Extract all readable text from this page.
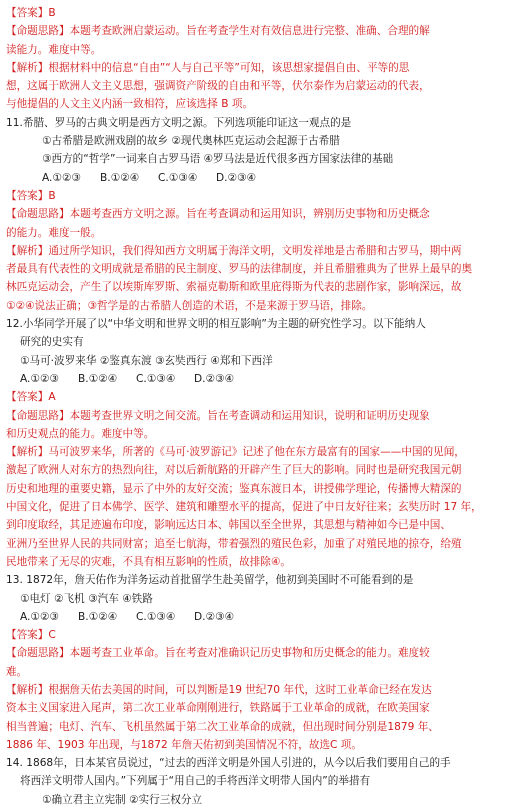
【答案】B
【命题思路】本题考查欧洲启蒙运动。旨在考查学生对有效信息进行完整、准确、合理的解
读能力。难度中等。
【解析】根据材料中的信息“自由”“人与自己平等”可知，该思想家提倡自由、平等的思
想，这属于欧洲人文主义思想，强调资产阶级的自由和平等，伏尔泰作为启蒙运动的代表，
与他提倡的人文主义内涵一致相符，应该选择 B 项。
11.希腊、罗马的古典文明是西方文明之源。下列选项能印证这一观点的是
①古希腊是欧洲戏剧的故乡 ②现代奥林匹克运动会起源于古希腊
③西方的“哲学”一词来自古罗马语 ④罗马法是近代很多西方国家法律的基础
A.①②③	B.①②④	C.①③④	D.②③④
【答案】B
【命题思路】本题考查西方文明之源。旨在考查调动和运用知识，辨别历史事物和历史概念
的能力。难度一般。
【解析】通过所学知识，我们得知西方文明属于海洋文明，文明发祥地是古希腊和古罗马，期中两
者最具有代表性的文明成就是希腊的民主制度、罗马的法律制度，并且希腊雅典为了世界上最早的奥
林匹克运动会，产生了以埃斯库罗斯、索福克勒斯和欧里庇得斯为代表的悲剧作家，影响深远，故
①②④说法正确；③哲学是的古希腊人创造的术语，不是来源于罗马语，排除。
12.小华同学开展了以“中华文明和世界文明的相互影响”为主题的研究性学习。以下能纳人
研究的史实有
①马可·波罗来华 ②鉴真东渡 ③玄奘西行 ④郑和下西洋
A.①②③	B.①②④	C.①③④	D.②③④
【答案】A
【命题思路】本题考查世界文明之间交流。旨在考查调动和运用知识，说明和证明历史现象
和历史观点的能力。难度中等。
【解析】马可波罗来华，所著的《马可·波罗游记》记述了他在东方最富有的国家——中国的见闻，
激起了欧洲人对东方的热烈向往，对以后新航路的开辟产生了巨大的影响。同时也是研究我国元朝
历史和地理的重要史籍，显示了中外的友好交流；鉴真东渡日本，讲授佛学理论，传播博大精深的
中国文化，促进了日本佛学、医学、建筑和雕塑水平的提高，促进了中日友好往来；玄奘历时 17 年，
到印度取经，其足迹遍布印度，影响远达日本、韩国以至全世界，其思想与精神如今已是中国、
亚洲乃至世界人民的共同财富；追至七航海，带着强烈的殖民色彩，加重了对殖民地的掠夺，给殖
民地带来了无尽的灾难，不具有相互影响的性质，故排除④。
13. 1872年，詹天佑作为洋务运动首批留学生赴美留学，他初到美国时不可能看到的是
①电灯 ②飞机 ③汽车 ④铁路
A.①②③	B.①②④	C.①③④	D.②③④
【答案】C
【命题思路】本题考查工业革命。旨在考查对准确识记历史事物和历史概念的能力。难度较
难。
【解析】根据詹天佑去美国的时间，可以判断是19 世纪70 年代，这时工业革命已经在发达
资本主义国家进入尾声，第二次工业革命刚刚进行，铁路属于工业革命的成就，在欧美国家
相当普遍；电灯、汽车、飞机虽然属于第二次工业革命的成就，但出现时间分别是1879 年、
1886 年、1903 年出现，与1872 年詹天佑初到美国情况不符，故选C 项。
14. 1868年，日本某官员说过，“过去的西洋文明是外国人引进的，从今以后我们要用自己的手
将西洋文明带人国内。”下列属于“用自己的手将西洋文明带人国内”的举措有
①确立君主立宪制 ②实行三权分立
